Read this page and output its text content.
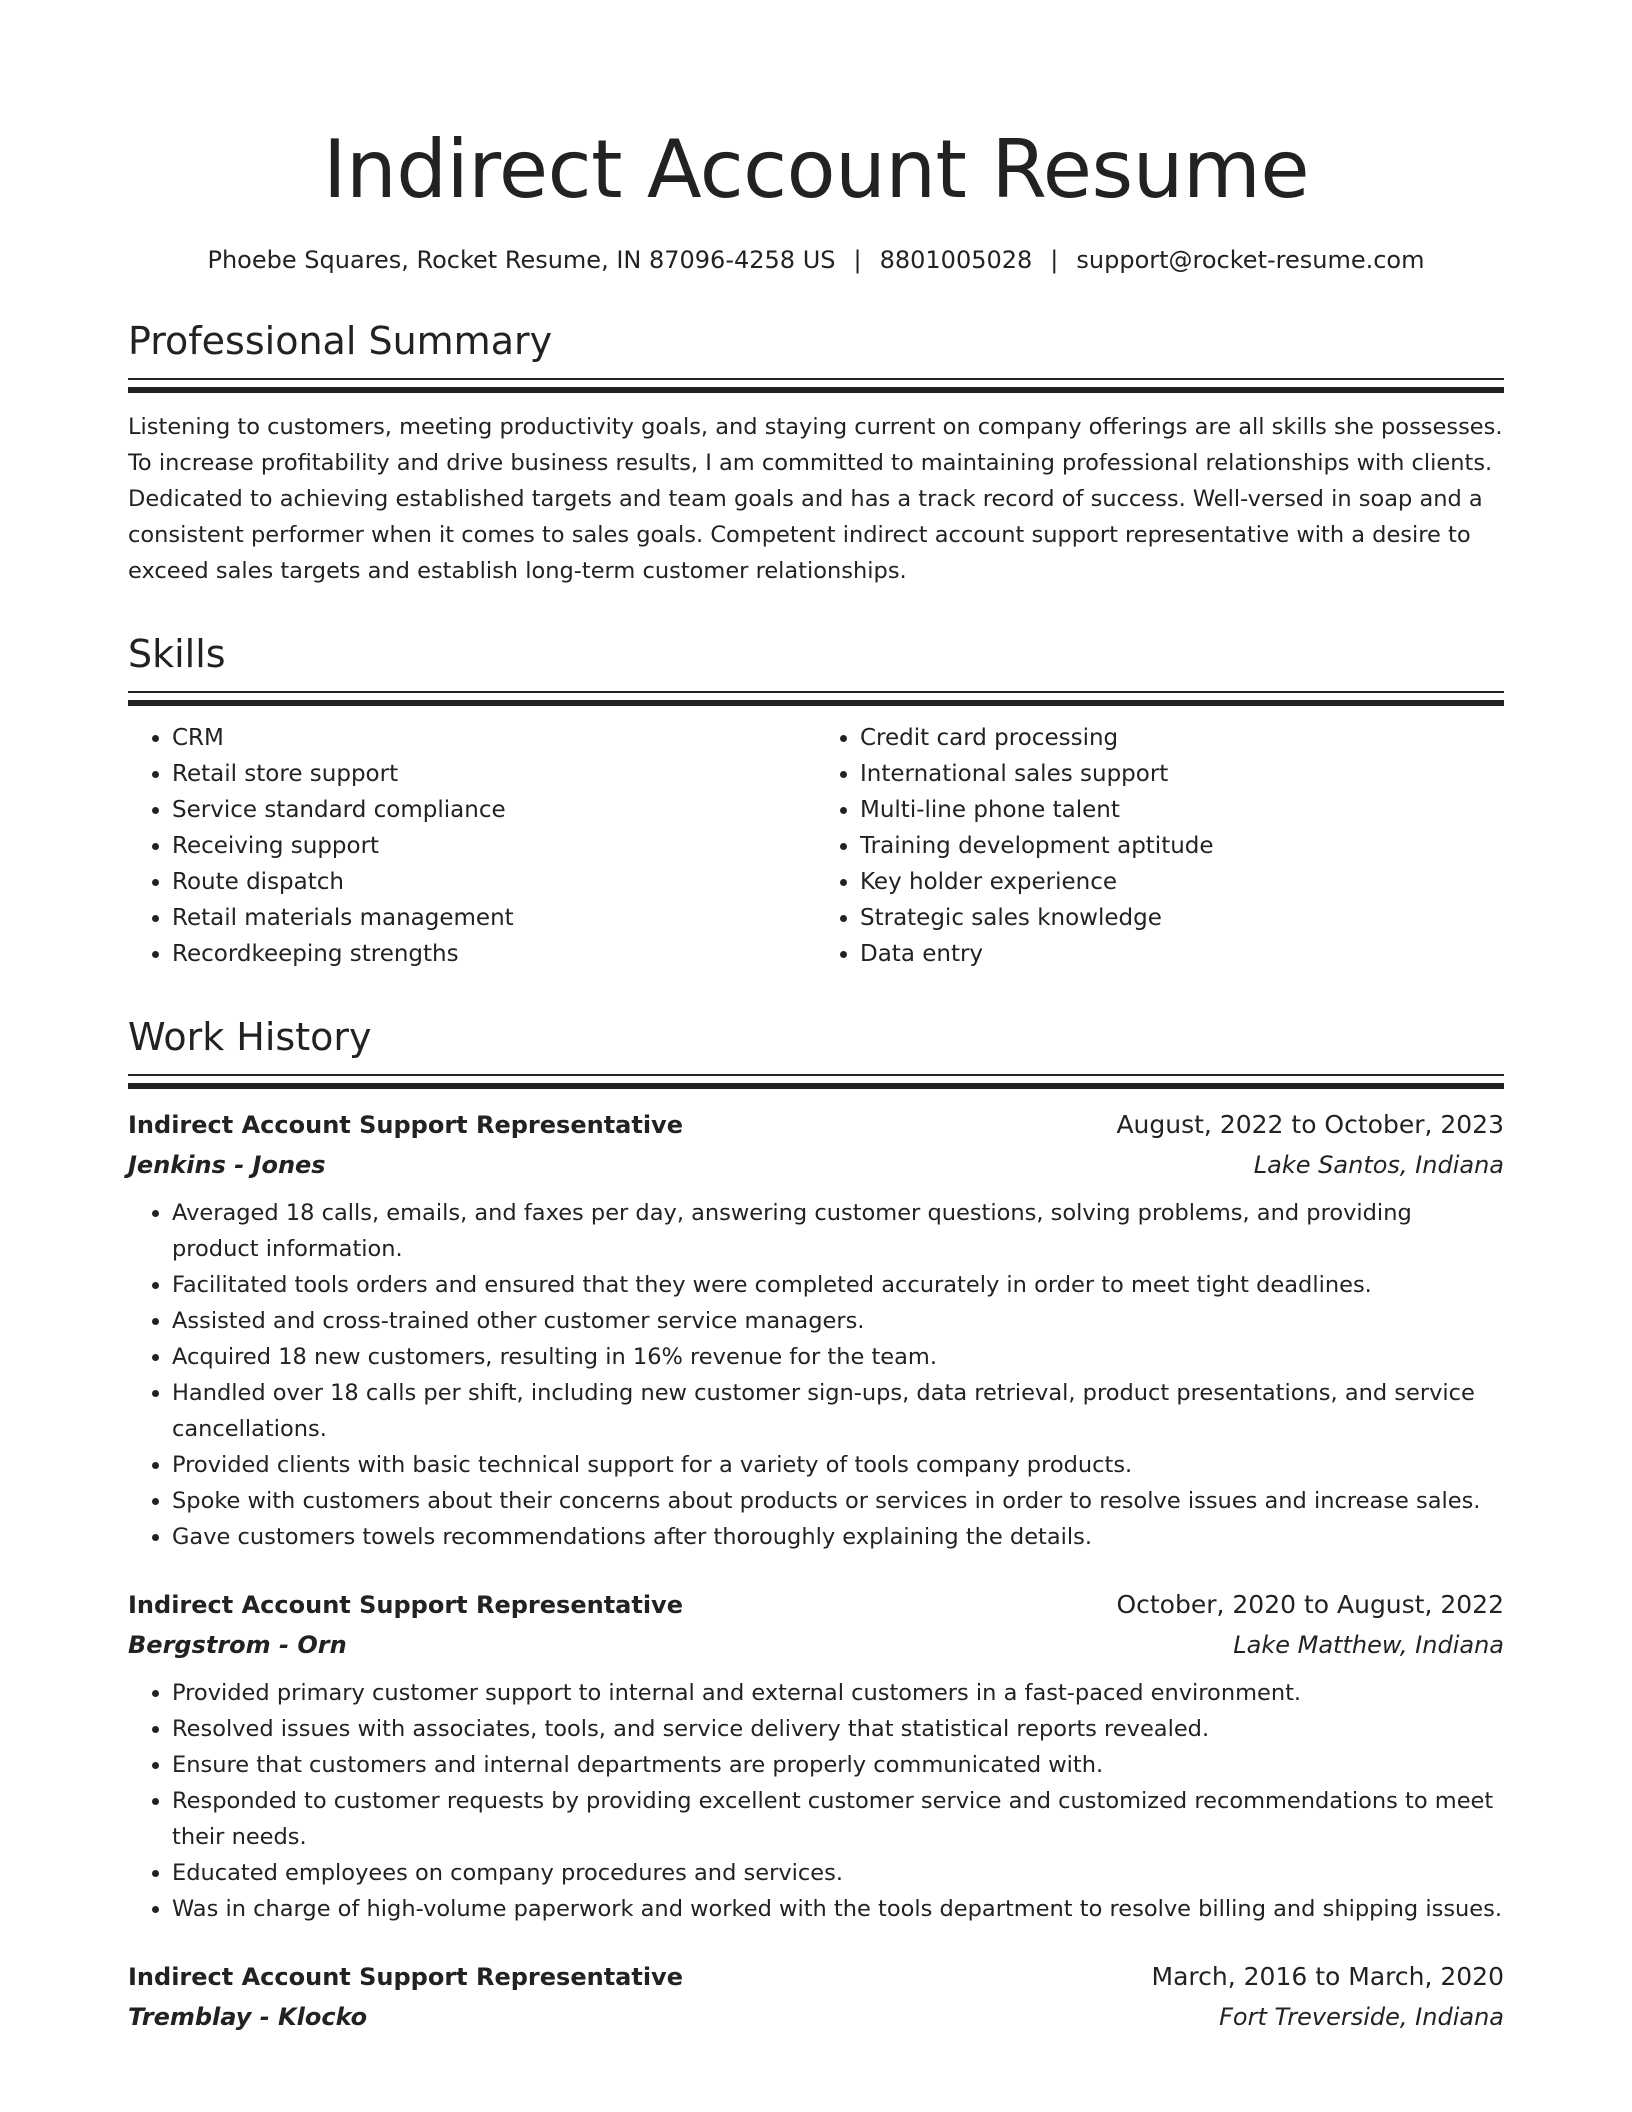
Indirect Account Resume
Phoebe Squares, Rocket Resume, IN 87096-4258 US | 8801005028 | support@rocket-resume.com
Professional Summary
Listening to customers, meeting productivity goals, and staying current on company offerings are all skills she possesses. To increase profitability and drive business results, I am committed to maintaining professional relationships with clients. Dedicated to achieving established targets and team goals and has a track record of success. Well-versed in soap and a consistent performer when it comes to sales goals. Competent indirect account support representative with a desire to exceed sales targets and establish long-term customer relationships.
Skills
• CRM
• Retail store support
• Service standard compliance
• Receiving support
• Route dispatch
• Retail materials management
• Recordkeeping strengths
• Credit card processing
• International sales support
• Multi-line phone talent
• Training development aptitude
• Key holder experience
• Strategic sales knowledge
• Data entry
Work History
Indirect Account Support Representative	August, 2022 to October, 2023
Jenkins - Jones	Lake Santos, Indiana
• Averaged 18 calls, emails, and faxes per day, answering customer questions, solving problems, and providing product information.
• Facilitated tools orders and ensured that they were completed accurately in order to meet tight deadlines.
• Assisted and cross-trained other customer service managers.
• Acquired 18 new customers, resulting in 16% revenue for the team.
• Handled over 18 calls per shift, including new customer sign-ups, data retrieval, product presentations, and service cancellations.
• Provided clients with basic technical support for a variety of tools company products.
• Spoke with customers about their concerns about products or services in order to resolve issues and increase sales.
• Gave customers towels recommendations after thoroughly explaining the details.
Indirect Account Support Representative	October, 2020 to August, 2022
Bergstrom - Orn	Lake Matthew, Indiana
• Provided primary customer support to internal and external customers in a fast-paced environment.
• Resolved issues with associates, tools, and service delivery that statistical reports revealed.
• Ensure that customers and internal departments are properly communicated with.
• Responded to customer requests by providing excellent customer service and customized recommendations to meet their needs.
• Educated employees on company procedures and services.
• Was in charge of high-volume paperwork and worked with the tools department to resolve billing and shipping issues.
Indirect Account Support Representative	March, 2016 to March, 2020
Tremblay - Klocko	Fort Treverside, Indiana
